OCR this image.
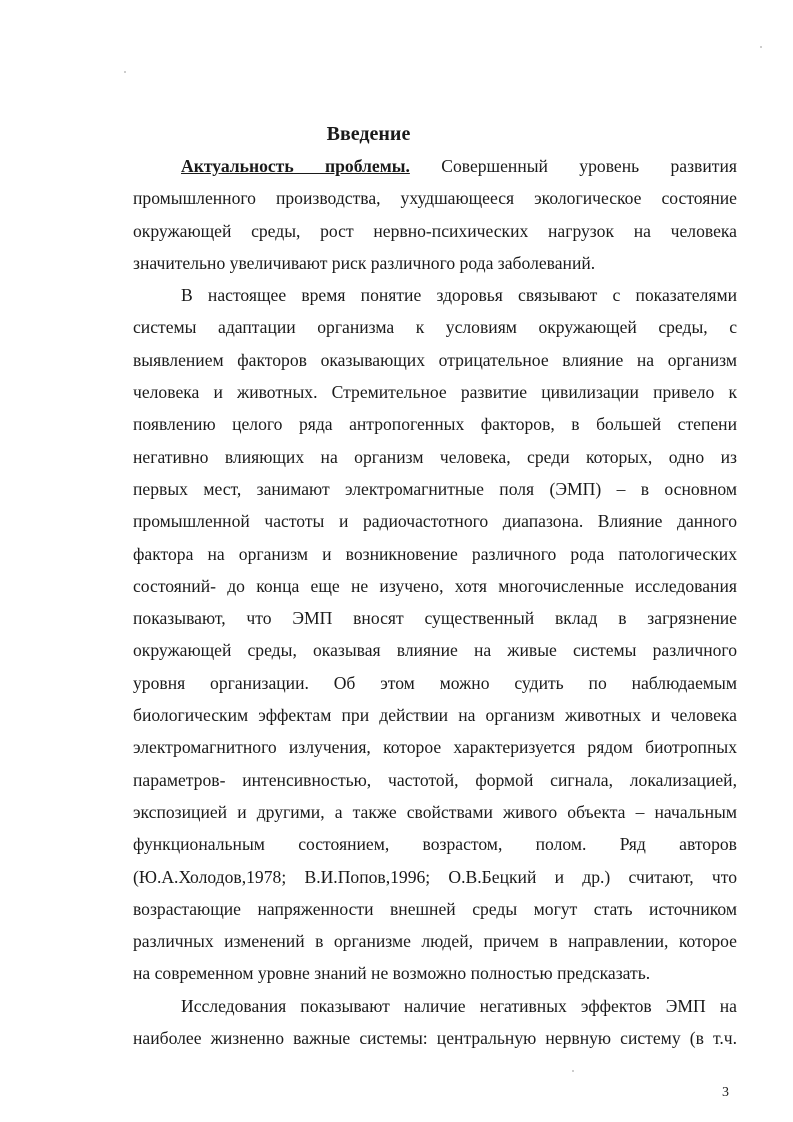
Введение
Актуальность проблемы. Совершенный уровень развития
промышленного производства, ухудшающееся экологическое состояние
окружающей среды, рост нервно-психических нагрузок на человека
значительно увеличивают риск различного рода заболеваний.
В настоящее время понятие здоровья связывают с показателями
системы адаптации организма к условиям окружающей среды, с
выявлением факторов оказывающих отрицательное влияние на организм
человека и животных. Стремительное развитие цивилизации привело к
появлению целого ряда антропогенных факторов, в большей степени
негативно влияющих на организм человека, среди которых, одно из
первых мест, занимают электромагнитные поля (ЭМП) – в основном
промышленной частоты и радиочастотного диапазона. Влияние данного
фактора на организм и возникновение различного рода патологических
состояний- до конца еще не изучено, хотя многочисленные исследования
показывают, что ЭМП вносят существенный вклад в загрязнение
окружающей среды, оказывая влияние на живые системы различного
уровня организации. Об этом можно судить по наблюдаемым
биологическим эффектам при действии на организм животных и человека
электромагнитного излучения, которое характеризуется рядом биотропных
параметров- интенсивностью, частотой, формой сигнала, локализацией,
экспозицией и другими, а также свойствами живого объекта – начальным
функциональным состоянием, возрастом, полом. Ряд авторов
(Ю.А.Холодов,1978; В.И.Попов,1996; О.В.Бецкий и др.) считают, что
возрастающие напряженности внешней среды могут стать источником
различных изменений в организме людей, причем в направлении, которое
на современном уровне знаний не возможно полностью предсказать.
Исследования показывают наличие негативных эффектов ЭМП на
наиболее жизненно важные системы: центральную нервную систему (в т.ч.
3
